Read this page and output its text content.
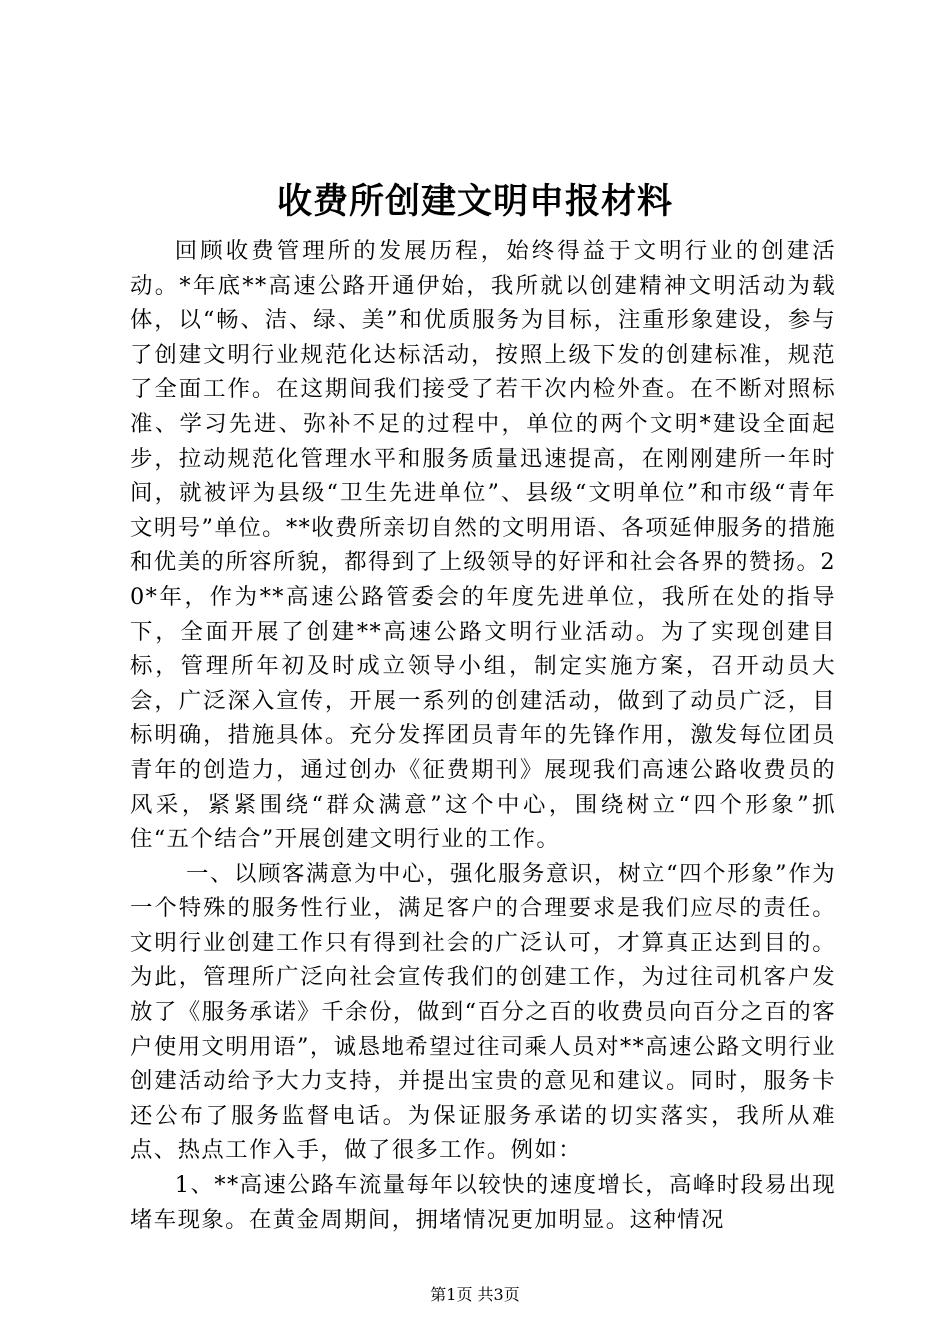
收费所创建文明申报材料

回顾收费管理所的发展历程，始终得益于文明行业的创建活动。*年底**高速公路开通伊始，我所就以创建精神文明活动为载体，以“畅、洁、绿、美”和优质服务为目标，注重形象建设，参与了创建文明行业规范化达标活动，按照上级下发的创建标准，规范了全面工作。在这期间我们接受了若干次内检外查。在不断对照标准、学习先进、弥补不足的过程中，单位的两个文明*建设全面起步，拉动规范化管理水平和服务质量迅速提高，在刚刚建所一年时间，就被评为县级“卫生先进单位”、县级“文明单位”和市级“青年文明号”单位。**收费所亲切自然的文明用语、各项延伸服务的措施和优美的所容所貌，都得到了上级领导的好评和社会各界的赞扬。20*年，作为**高速公路管委会的年度先进单位，我所在处的指导下，全面开展了创建**高速公路文明行业活动。为了实现创建目标，管理所年初及时成立领导小组，制定实施方案，召开动员大会，广泛深入宣传，开展一系列的创建活动，做到了动员广泛，目标明确，措施具体。充分发挥团员青年的先锋作用，激发每位团员青年的创造力，通过创办《征费期刊》展现我们高速公路收费员的风采，紧紧围绕“群众满意”这个中心，围绕树立“四个形象”抓住“五个结合”开展创建文明行业的工作。

一、以顾客满意为中心，强化服务意识，树立“四个形象”作为一个特殊的服务性行业，满足客户的合理要求是我们应尽的责任。文明行业创建工作只有得到社会的广泛认可，才算真正达到目的。为此，管理所广泛向社会宣传我们的创建工作，为过往司机客户发放了《服务承诺》千余份，做到“百分之百的收费员向百分之百的客户使用文明用语”，诚恳地希望过往司乘人员对**高速公路文明行业创建活动给予大力支持，并提出宝贵的意见和建议。同时，服务卡还公布了服务监督电话。为保证服务承诺的切实落实，我所从难点、热点工作入手，做了很多工作。例如：

1、**高速公路车流量每年以较快的速度增长，高峰时段易出现堵车现象。在黄金周期间，拥堵情况更加明显。这种情况

第1页 共3页
